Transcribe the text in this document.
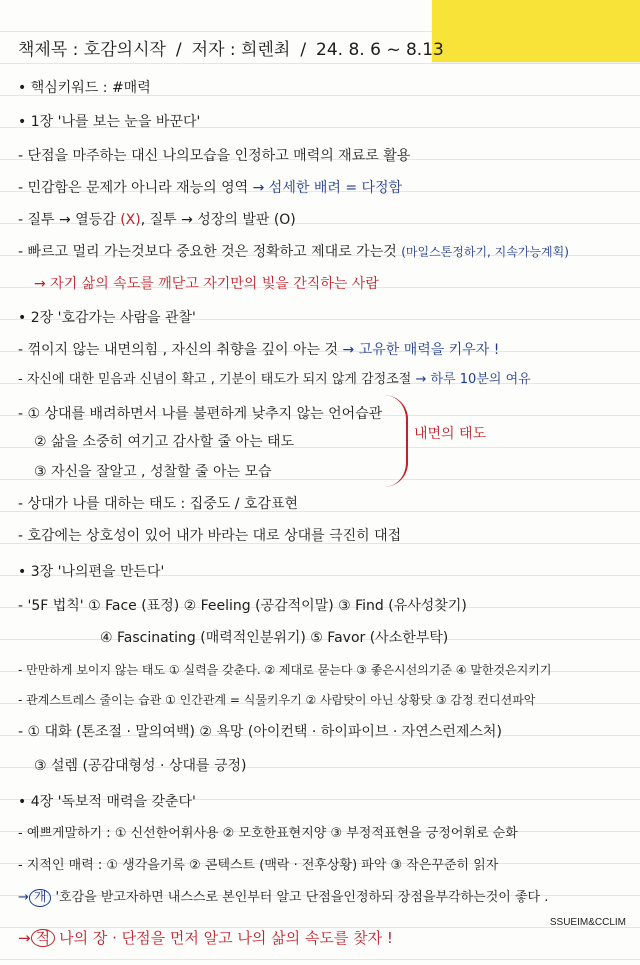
책제목 : 호감의시작 / 저자 : 희렌최 / 24. 8. 6 ~ 8.13
• 핵심키워드 : #매력
• 1장 '나를 보는 눈을 바꾼다'
- 단점을 마주하는 대신 나의모습을 인정하고 매력의 재료로 활용
- 민감함은 문제가 아니라 재능의 영역 → 섬세한 배려 = 다정함
- 질투 → 열등감 (X), 질투 → 성장의 발판 (O)
- 빠르고 멀리 가는것보다 중요한 것은 정확하고 제대로 가는것 (마일스톤정하기, 지속가능계획)
→ 자기 삶의 속도를 깨닫고 자기만의 빛을 간직하는 사람
• 2장 '호감가는 사람을 관찰'
- 꺾이지 않는 내면의힘 , 자신의 취향을 깊이 아는 것 → 고유한 매력을 키우자 !
- 자신에 대한 믿음과 신념이 확고 , 기분이 태도가 되지 않게 감정조절 → 하루 10분의 여유
- ① 상대를 배려하면서 나를 불편하게 낮추지 않는 언어습관
② 삶을 소중히 여기고 감사할 줄 아는 태도
③ 자신을 잘알고 , 성찰할 줄 아는 모습
내면의 태도
- 상대가 나를 대하는 태도 : 집중도 / 호감표현
- 호감에는 상호성이 있어 내가 바라는 대로 상대를 극진히 대접
• 3장 '나의편을 만든다'
- '5F 법칙' ① Face (표정) ② Feeling (공감적이말) ③ Find (유사성찾기)
④ Fascinating (매력적인분위기) ⑤ Favor (사소한부탁)
- 만만하게 보이지 않는 태도 ① 실력을 갖춘다. ② 제대로 묻는다 ③ 좋은시선의기준 ④ 말한것은지키기
- 관계스트레스 줄이는 습관 ① 인간관계 = 식물키우기 ② 사람탓이 아닌 상황탓 ③ 감정 컨디션파악
- ① 대화 (톤조절 · 말의여백) ② 욕망 (아이컨택 · 하이파이브 · 자연스런제스처)
③ 설렘 (공감대형성 · 상대를 긍정)
• 4장 '독보적 매력을 갖춘다'
- 예쁘게말하기 : ① 신선한어휘사용 ② 모호한표현지양 ③ 부정적표현을 긍정어휘로 순화
- 지적인 매력 : ① 생각을기록 ② 콘텍스트 (맥락 · 전후상황) 파악 ③ 작은꾸준히 읽자
→ 개 '호감을 받고자하면 내스스로 본인부터 알고 단점을인정하되 장점을부각하는것이 좋다 .
SSUEIM&CCLIM
→ 적 나의 장 · 단점을 먼저 알고 나의 삶의 속도를 찾자 !
